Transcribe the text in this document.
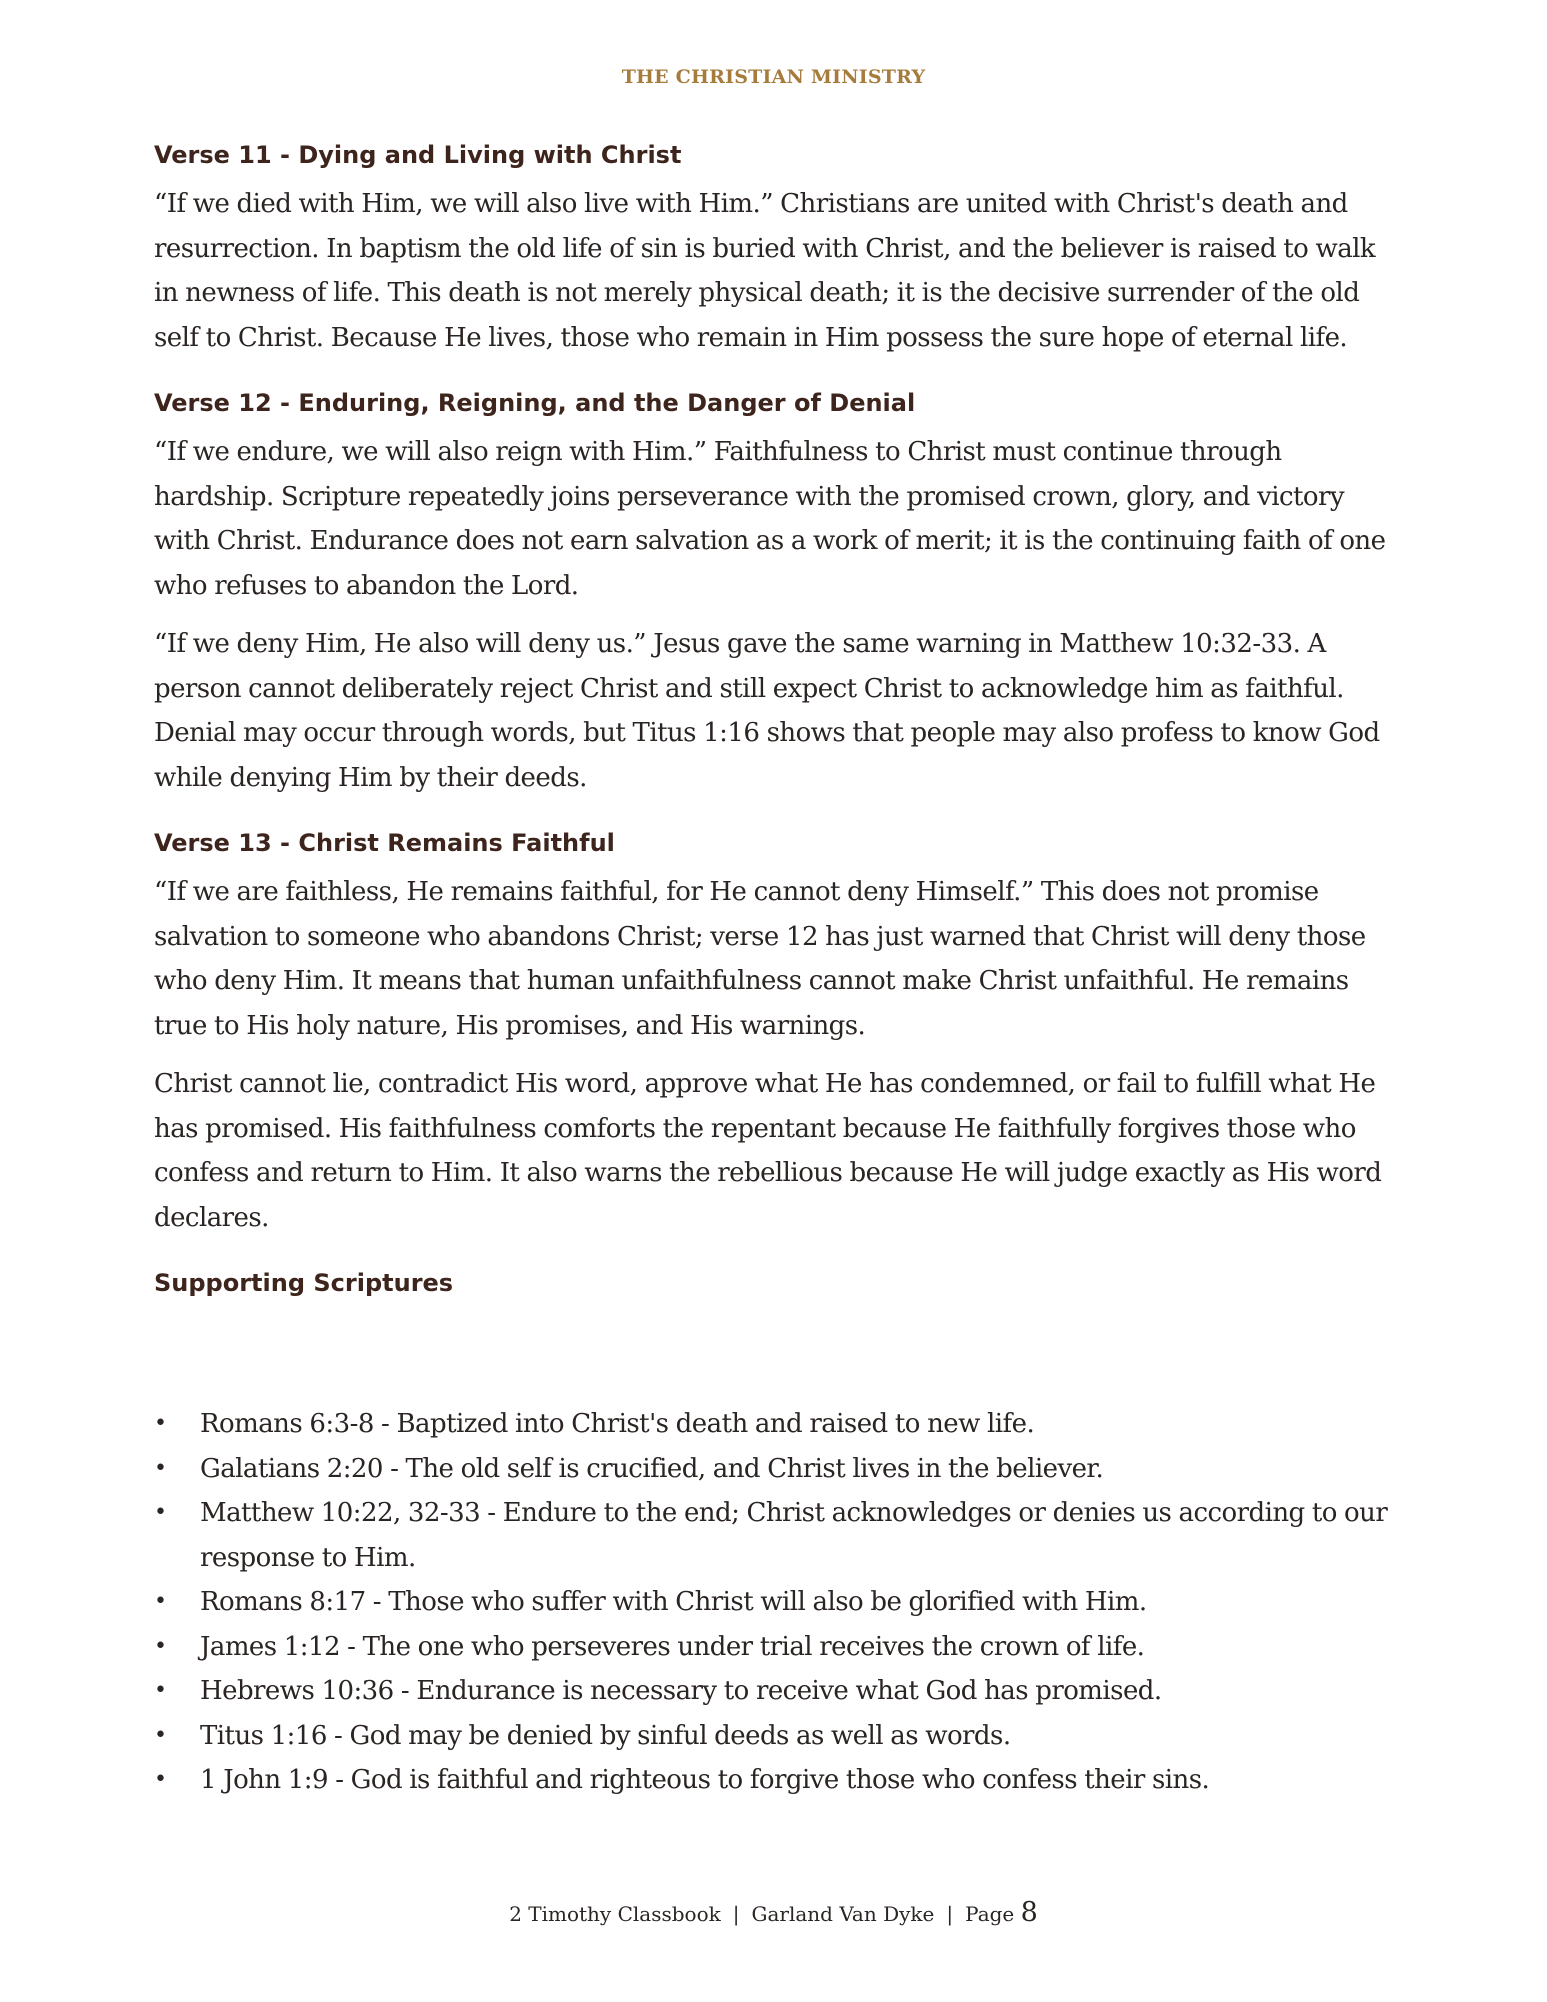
THE CHRISTIAN MINISTRY
Verse 11 - Dying and Living with Christ

“If we died with Him, we will also live with Him.” Christians are united with Christ's death and resurrection. In baptism the old life of sin is buried with Christ, and the believer is raised to walk in newness of life. This death is not merely physical death; it is the decisive surrender of the old self to Christ. Because He lives, those who remain in Him possess the sure hope of eternal life.

Verse 12 - Enduring, Reigning, and the Danger of Denial

“If we endure, we will also reign with Him.” Faithfulness to Christ must continue through hardship. Scripture repeatedly joins perseverance with the promised crown, glory, and victory with Christ. Endurance does not earn salvation as a work of merit; it is the continuing faith of one who refuses to abandon the Lord.

“If we deny Him, He also will deny us.” Jesus gave the same warning in Matthew 10:32-33. A person cannot deliberately reject Christ and still expect Christ to acknowledge him as faithful. Denial may occur through words, but Titus 1:16 shows that people may also profess to know God while denying Him by their deeds.

Verse 13 - Christ Remains Faithful

“If we are faithless, He remains faithful, for He cannot deny Himself.” This does not promise salvation to someone who abandons Christ; verse 12 has just warned that Christ will deny those who deny Him. It means that human unfaithfulness cannot make Christ unfaithful. He remains true to His holy nature, His promises, and His warnings.

Christ cannot lie, contradict His word, approve what He has condemned, or fail to fulfill what He has promised. His faithfulness comforts the repentant because He faithfully forgives those who confess and return to Him. It also warns the rebellious because He will judge exactly as His word declares.

Supporting Scriptures
• Romans 6:3-8 - Baptized into Christ's death and raised to new life.
• Galatians 2:20 - The old self is crucified, and Christ lives in the believer.
• Matthew 10:22, 32-33 - Endure to the end; Christ acknowledges or denies us according to our response to Him.
• Romans 8:17 - Those who suffer with Christ will also be glorified with Him.
• James 1:12 - The one who perseveres under trial receives the crown of life.
• Hebrews 10:36 - Endurance is necessary to receive what God has promised.
• Titus 1:16 - God may be denied by sinful deeds as well as words.
• 1 John 1:9 - God is faithful and righteous to forgive those who confess their sins.
2 Timothy Classbook | Garland Van Dyke | Page 8
